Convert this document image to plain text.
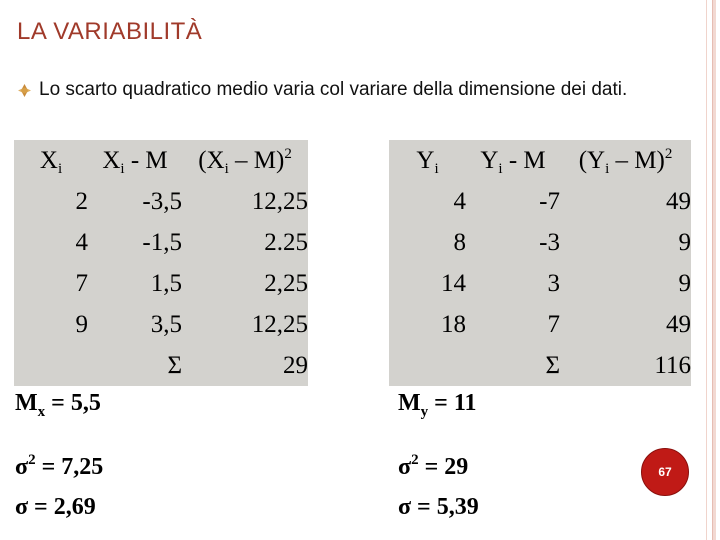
LA VARIABILITÀ
Lo scarto quadratico medio varia col variare della dimensione dei dati.
$X_i$	$X_i$ - M	$(X_i - M)^2$
2	-3,5	12,25
4	-1,5	2.25
7	1,5	2,25
9	3,5	12,25
	Σ	29
$Y_i$	$Y_i$ - M	$(Y_i - M)^2$
4	-7	49
8	-3	9
14	3	9
18	7	49
	Σ	116
$M_x = 5,5$
$\sigma^2 = 7,25$
σ = 2,69
$M_y = 11$
$\sigma^2 = 29$
σ = 5,39
67
